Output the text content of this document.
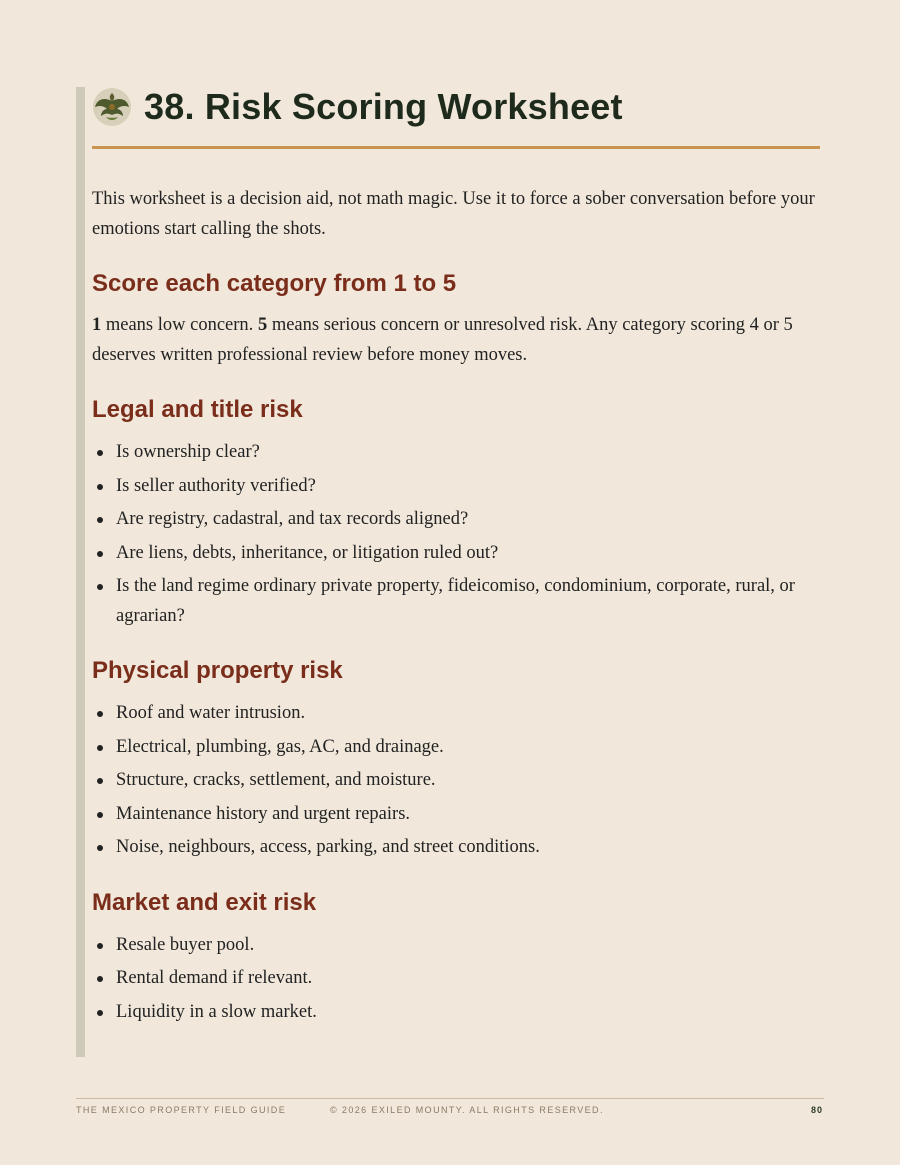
38. Risk Scoring Worksheet

This worksheet is a decision aid, not math magic. Use it to force a sober conversation before your emotions start calling the shots.

Score each category from 1 to 5

1 means low concern. 5 means serious concern or unresolved risk. Any category scoring 4 or 5 deserves written professional review before money moves.

Legal and title risk
Is ownership clear?
Is seller authority verified?
Are registry, cadastral, and tax records aligned?
Are liens, debts, inheritance, or litigation ruled out?
Is the land regime ordinary private property, fideicomiso, condominium, corporate, rural, or agrarian?
Physical property risk
Roof and water intrusion.
Electrical, plumbing, gas, AC, and drainage.
Structure, cracks, settlement, and moisture.
Maintenance history and urgent repairs.
Noise, neighbours, access, parking, and street conditions.
Market and exit risk
Resale buyer pool.
Rental demand if relevant.
Liquidity in a slow market.
THE MEXICO PROPERTY FIELD GUIDE	© 2026 EXILED MOUNTY. ALL RIGHTS RESERVED.	80
